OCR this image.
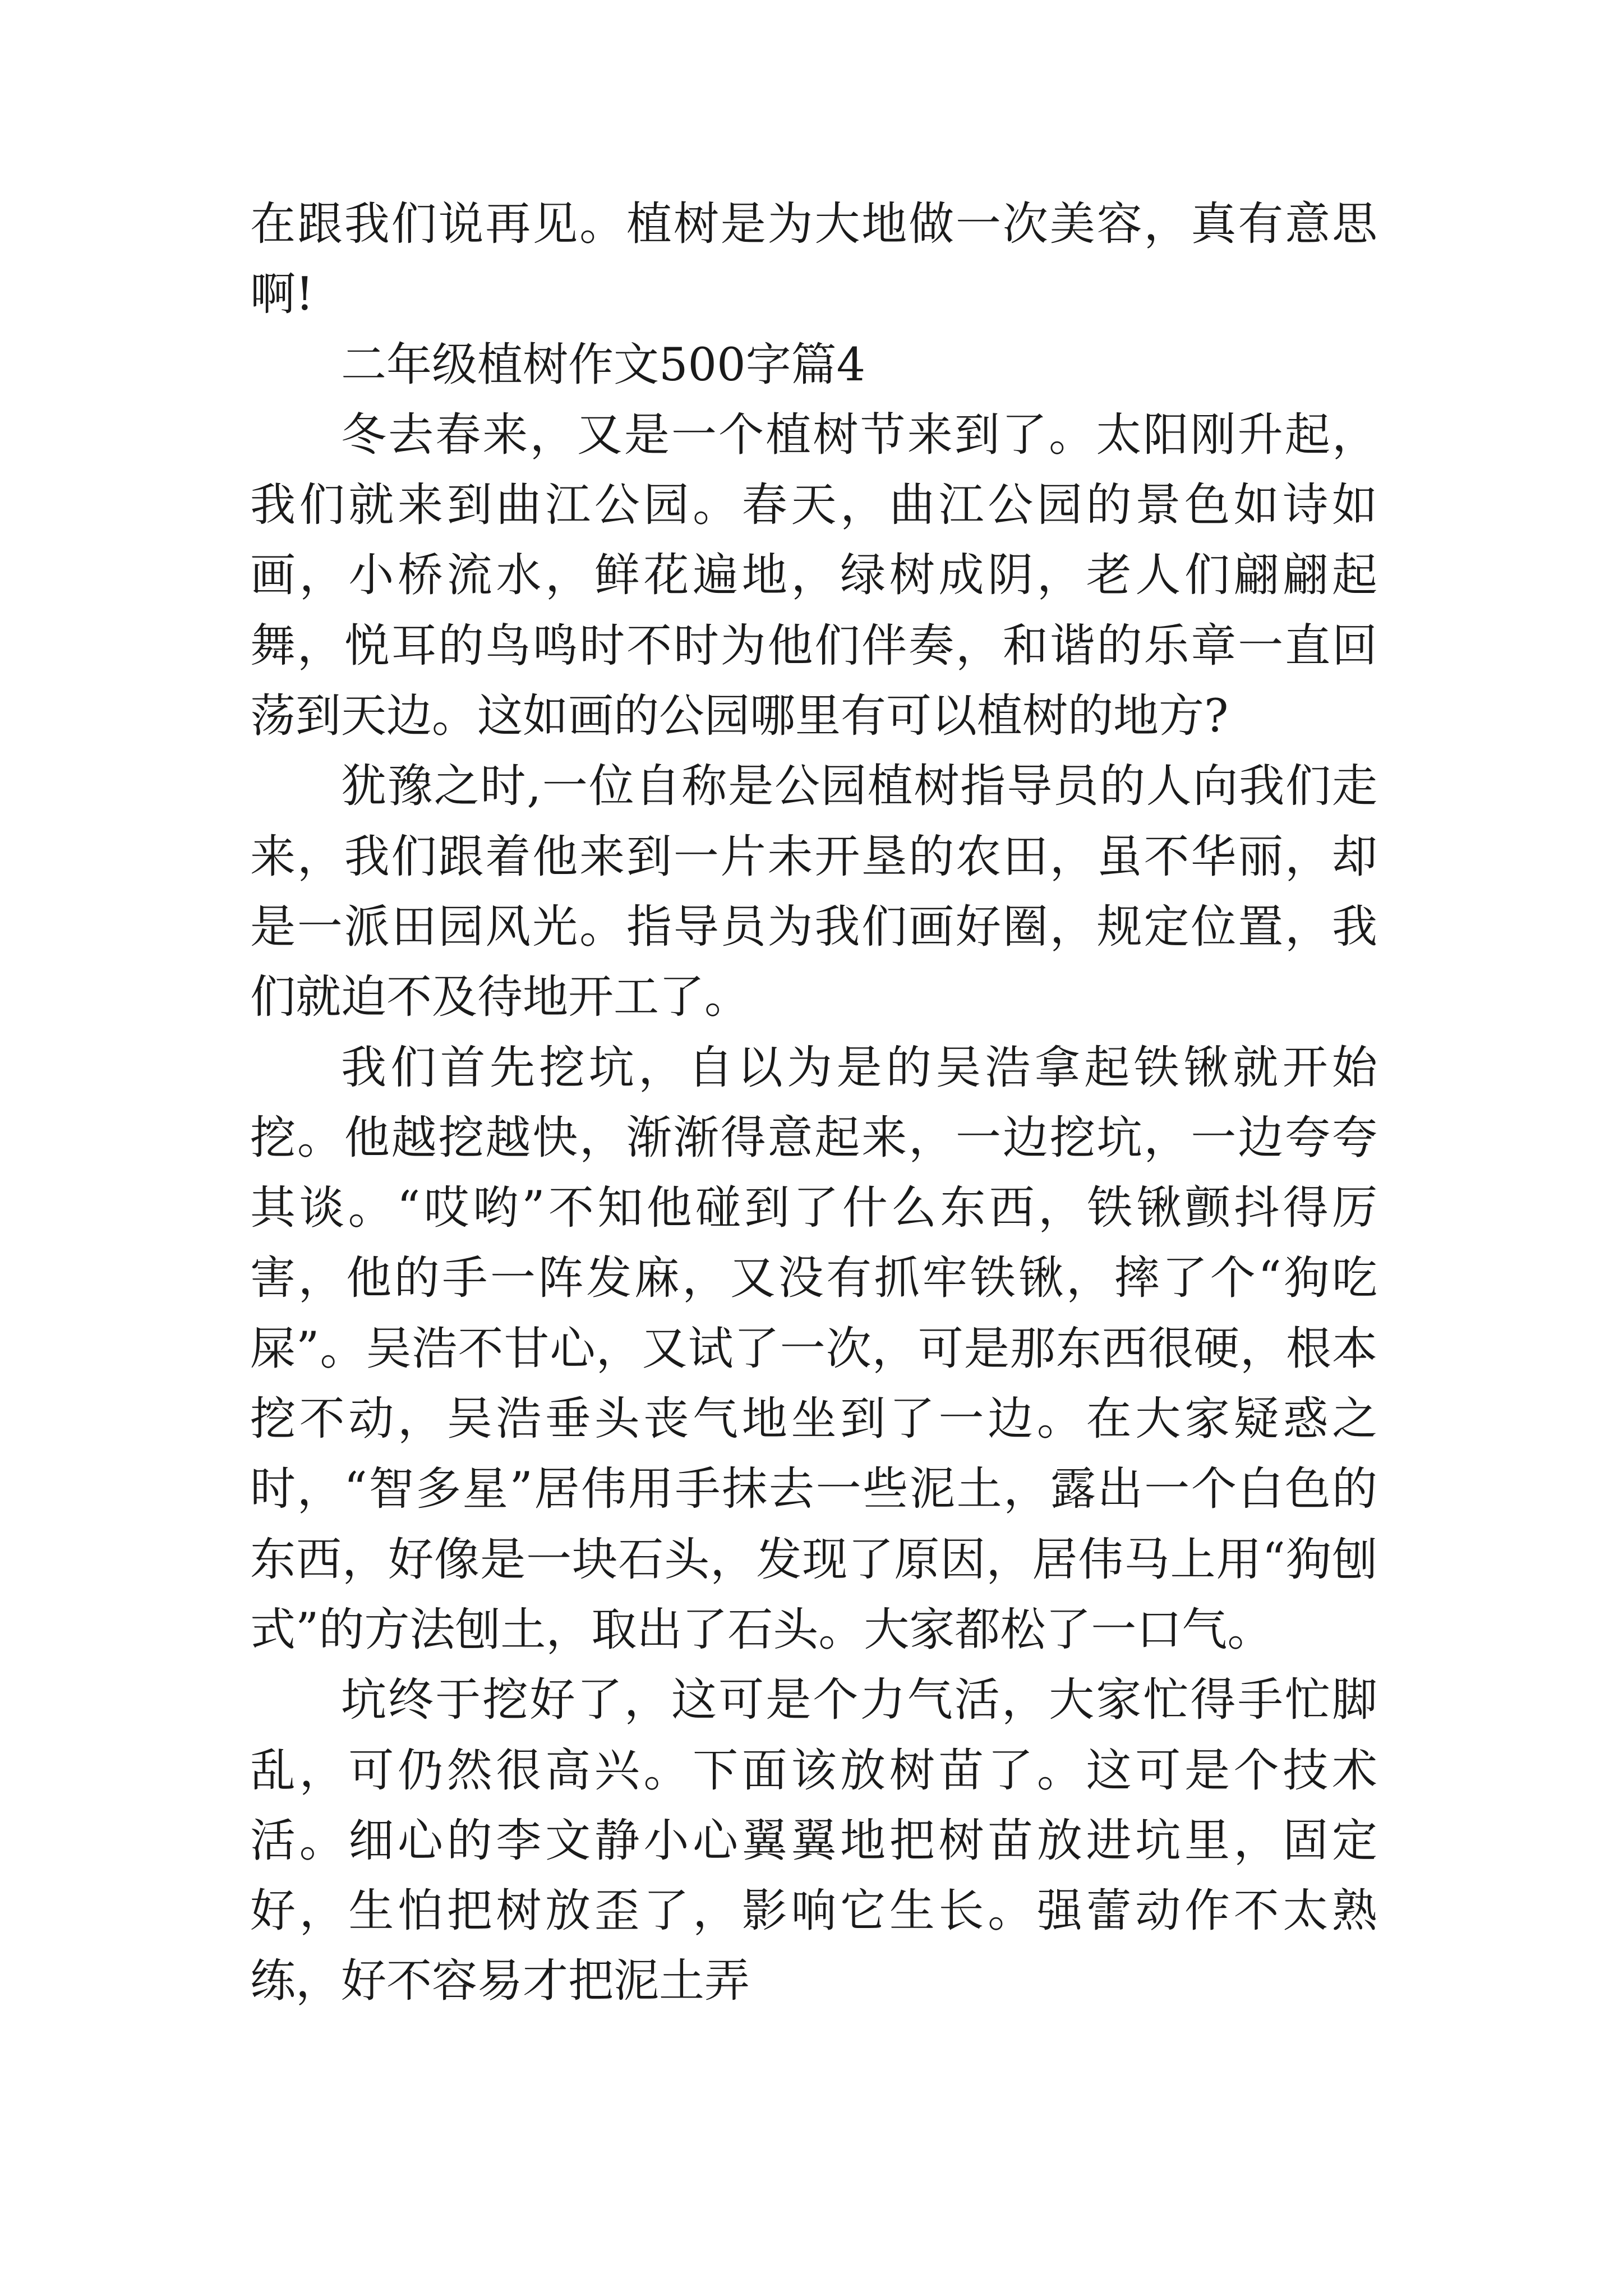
在跟我们说再见。植树是为大地做一次美容，真有意思啊!

二年级植树作文500字篇4

冬去春来，又是一个植树节来到了。太阳刚升起，我们就来到曲江公园。春天，曲江公园的景色如诗如画，小桥流水，鲜花遍地，绿树成阴，老人们翩翩起舞，悦耳的鸟鸣时不时为他们伴奏，和谐的乐章一直回荡到天边。这如画的公园哪里有可以植树的地方?

犹豫之时,一位自称是公园植树指导员的人向我们走来，我们跟着他来到一片未开垦的农田，虽不华丽，却是一派田园风光。指导员为我们画好圈，规定位置，我们就迫不及待地开工了。

我们首先挖坑，自以为是的吴浩拿起铁锹就开始挖。他越挖越快，渐渐得意起来，一边挖坑，一边夸夸其谈。“哎哟”不知他碰到了什么东西，铁锹颤抖得厉害，他的手一阵发麻，又没有抓牢铁锹，摔了个“狗吃屎”。吴浩不甘心，又试了一次，可是那东西很硬，根本挖不动，吴浩垂头丧气地坐到了一边。在大家疑惑之时，“智多星”居伟用手抹去一些泥土，露出一个白色的东西，好像是一块石头，发现了原因，居伟马上用“狗刨式”的方法刨土，取出了石头。大家都松了一口气。

坑终于挖好了，这可是个力气活，大家忙得手忙脚乱，可仍然很高兴。下面该放树苗了。这可是个技术活。细心的李文静小心翼翼地把树苗放进坑里，固定好，生怕把树放歪了，影响它生长。强蕾动作不太熟练，好不容易才把泥土弄
